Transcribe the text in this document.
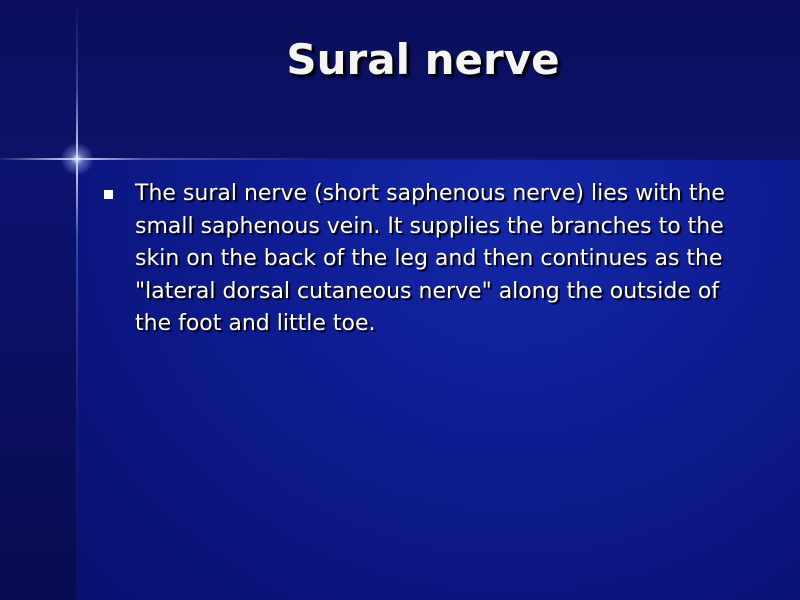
Sural nerve

The sural nerve (short saphenous nerve) lies with the small saphenous vein. It supplies the branches to the skin on the back of the leg and then continues as the "lateral dorsal cutaneous nerve" along the outside of the foot and little toe.
